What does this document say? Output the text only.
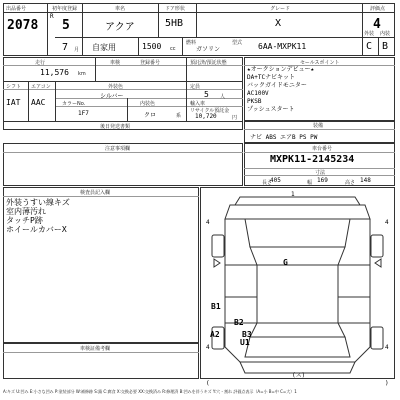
出品番号
2078
初年度登録
R
5
7 月
車名
アクア
ドア形状
5HB
グレード
X
評価点
4
自家用	1500 cc
燃料
ガソリン
型式 6AA-MXPK11
外装 内装
C B
走行
11,576 km
車検	登録番号	預託済/預託状態
シフト エアコン
IAT AAC
外装色
シルバー
カラーNo.	内装色
1F7	クロ	系
定員
5 人
輸入車
リサイクル預託金
10,720	円
後日発送書類
セールスポイント
★オークションデビュー★
DA+TCナビキット
バックガイドモニター
AC100V
PKSB
プッシュスタート
装備
ナビ ABS エアB PS PW
注意事項欄	車台番号
MXPK11-2145234
寸法
長さ
405	幅 169	高さ 148
検査員記入欄
外装うすい線キズ
室内薄汚れ
タッチP跡
ホイールカバーX
車検証備考欄
4	4
4	4
1
(	)
(ス)
G
B1
B2
A2	B3
U1
A:キズ U:凹み E:小さな凹み P:塗装部分 W:補修跡 S:錆 C:腐食 X:交換必要 XX:交換済み R:修理済 B:凹みを伴うキズ Y:穴・割れ 評価点表示（A=小 B=中 C=大）1
